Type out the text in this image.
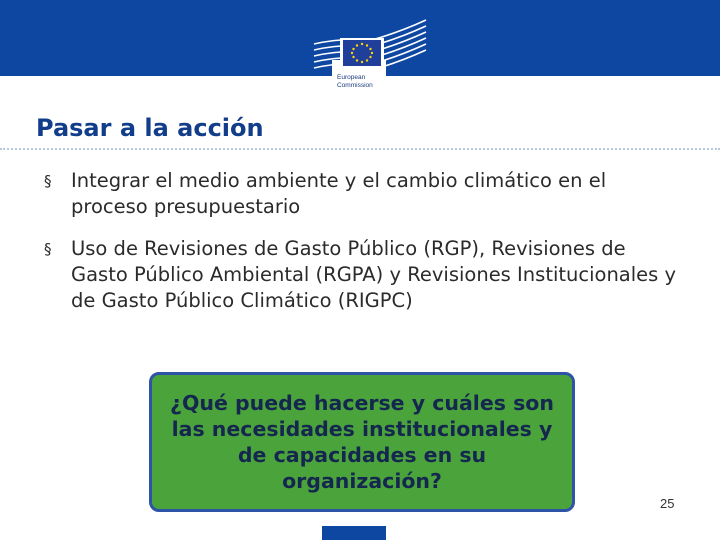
European
Commission
Pasar a la acción
§ Integrar el medio ambiente y el cambio climático en el proceso presupuestario
§ Uso de Revisiones de Gasto Público (RGP), Revisiones de Gasto Público Ambiental (RGPA) y Revisiones Institucionales y de Gasto Público Climático (RIGPC)
¿Qué puede hacerse y cuáles son las necesidades institucionales y de capacidades en su organización?
25
